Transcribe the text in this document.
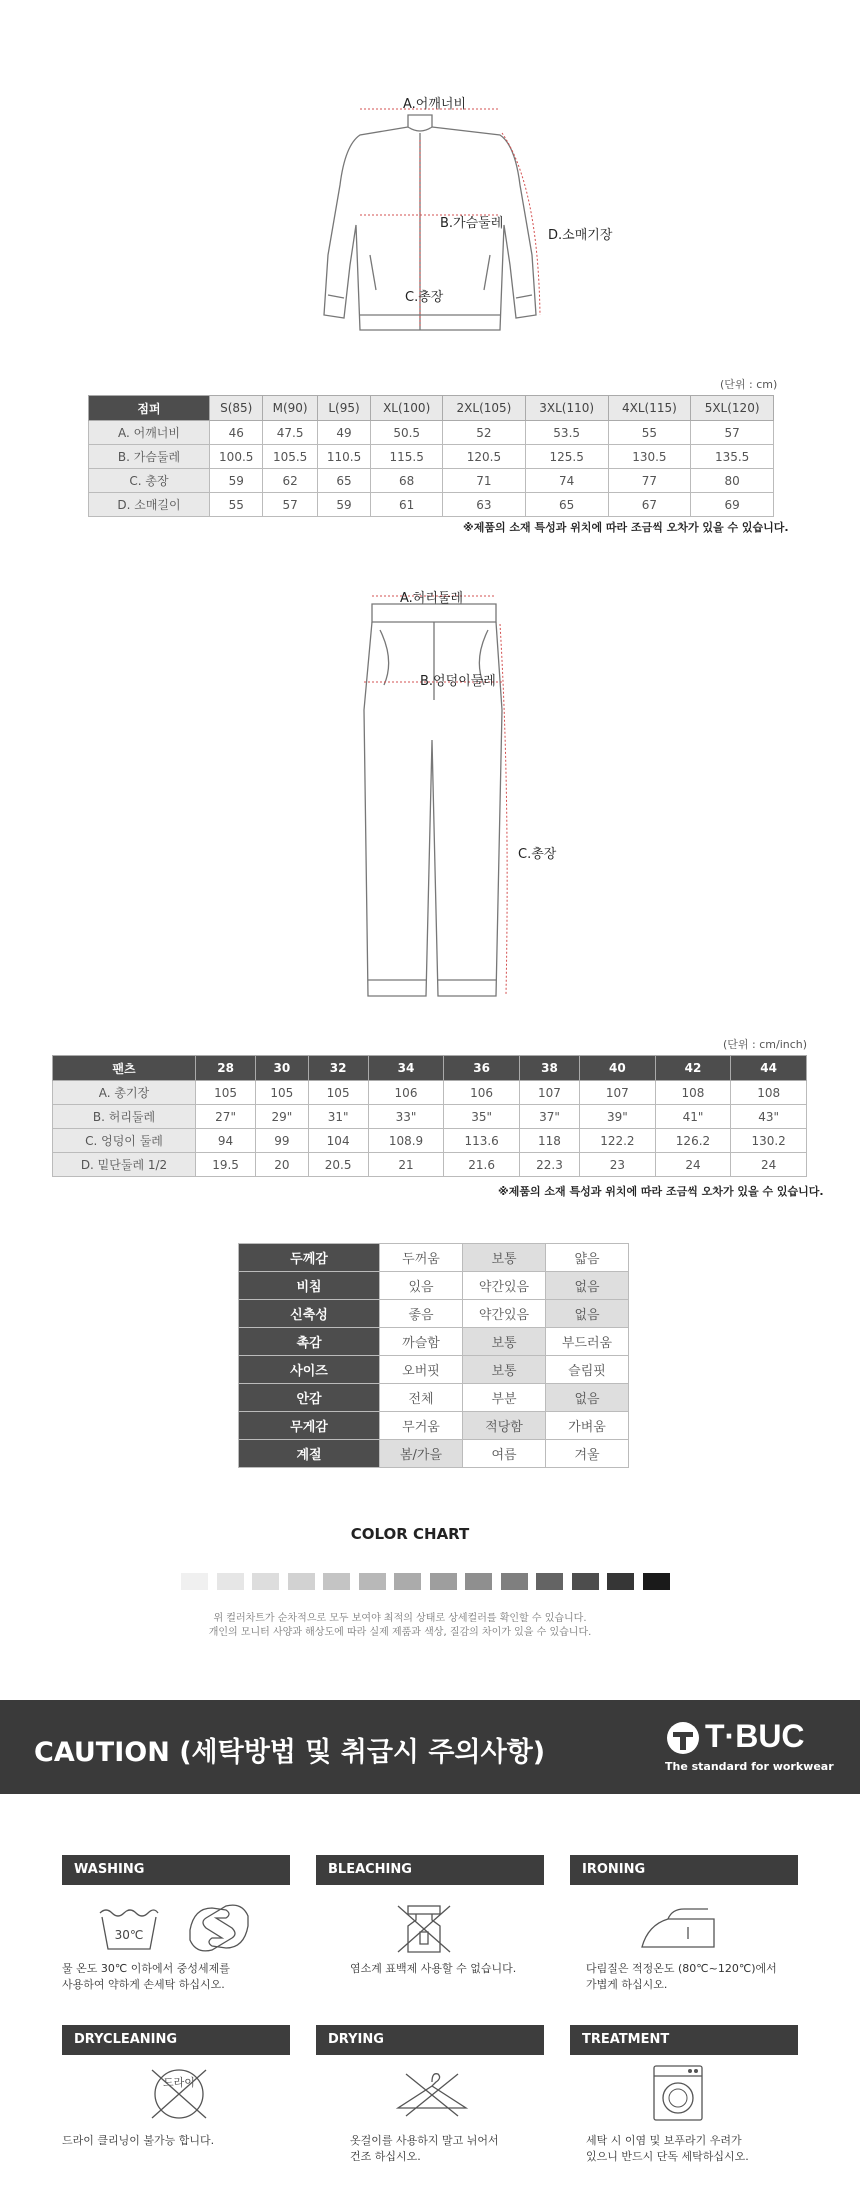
A.어깨너비
B.가슴둘레
C.총장
D.소매기장
(단위 : cm)
점퍼	S(85)	M(90)	L(95)	XL(100)	2XL(105)	3XL(110)	4XL(115)	5XL(120)
A. 어깨너비	46	47.5	49	50.5	52	53.5	55	57
B. 가슴둘레	100.5	105.5	110.5	115.5	120.5	125.5	130.5	135.5
C. 총장	59	62	65	68	71	74	77	80
D. 소매길이	55	57	59	61	63	65	67	69
※제품의 소재 특성과 위치에 따라 조금씩 오차가 있을 수 있습니다.
A.허리둘레
B.엉덩이둘레
C.총장
(단위 : cm/inch)
팬츠	28	30	32	34	36	38	40	42	44
A. 총기장	105	105	105	106	106	107	107	108	108
B. 허리둘레	27"	29"	31"	33"	35"	37"	39"	41"	43"
C. 엉덩이 둘레	94	99	104	108.9	113.6	118	122.2	126.2	130.2
D. 밑단둘레 1/2	19.5	20	20.5	21	21.6	22.3	23	24	24
※제품의 소재 특성과 위치에 따라 조금씩 오차가 있을 수 있습니다.
두께감	두꺼움	보통	얇음
비침	있음	약간있음	없음
신축성	좋음	약간있음	없음
촉감	까슬함	보통	부드러움
사이즈	오버핏	보통	슬림핏
안감	전체	부분	없음
무게감	무거움	적당함	가벼움
계절	봄/가을	여름	겨울
COLOR CHART
위 컬러차트가 순차적으로 모두 보여야 최적의 상태로 상세컬러를 확인할 수 있습니다.
개인의 모니터 사양과 해상도에 따라 실제 제품과 색상, 질감의 차이가 있을 수 있습니다.
CAUTION (세탁방법 및 취급시 주의사항)	T·BUC
The standard for workwear
WASHING	BLEACHING	IRONING
30℃
물 온도 30℃ 이하에서 중성세제를
사용하여 약하게 손세탁 하십시오.
염소계 표백제 사용할 수 없습니다.	다림질은 적정온도 (80℃~120℃)에서
가볍게 하십시오.
DRYCLEANING	DRYING	TREATMENT
드라이
드라이 클리닝이 불가능 합니다.	옷걸이를 사용하지 말고 뉘어서
건조 하십시오.
세탁 시 이염 및 보푸라기 우려가
있으니 반드시 단독 세탁하십시오.
